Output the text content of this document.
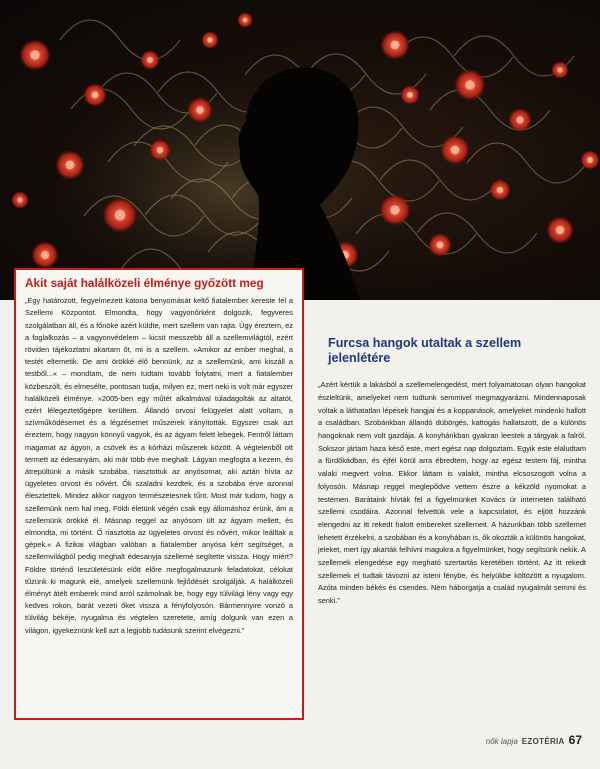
Akit saját halálközeli élménye győzött meg

„Egy határozott, fegyelmezett katona benyomását keltő fiatalember kereste fel a Szellemi Központot. Elmondta, hogy vagyonőrként dolgozik, fegyveres szolgálatban áll, és a főnöke azért küldte, mert szellem van rajta. Úgy éreztem, ez a foglalkozás – a vagyonvédelem – kicsit messzebb áll a szellemvilágtól, ezért röviden tájékoztatni akartam őt, mi is a szellem. »Amikor az ember meghal, a testét eltemetik. De ami örökké élő bennünk, az a szellemünk, ami kiszáll a testből...« – mondtam, de nem tudtam tovább folytatni, mert a fiatalember közbeszólt, és elmesélte, pontosan tudja, milyen ez, mert neki is volt már egyszer halálközeli élménye. »2005-ben egy műtét alkalmával túladagolták az altatót, ezért lélegeztetőgépre kerültem. Állandó orvosi felügyelet alatt voltam, a szívműködésemet és a légzésemet műszerek irányították. Egyszer csak azt éreztem, hogy nagyon könnyű vagyok, és az ágyam felett lebegek. Fentről láttam magamat az ágyon, a csövek és a kórházi műszerek között. A végtelenből ott termett az édesanyám, aki már több éve meghalt. Lágyan megfogta a kezem, és átrepültünk a másik szobába, riasztottuk az anyósomat, aki aztán hívta az ügyeletes orvost és nővért. Ők szaladni kezdtek, és a szobába érve azonnal élesztettek. Mindez akkor nagyon természetesnek tűnt. Most már tudom, hogy a szellemünk nem hal meg. Földi életünk végén csak egy állomáshoz érünk, ám a szellemünk örökké él. Másnap reggel az anyósom ült az ágyam mellett, és elmondta, mi történt. Ő riasztotta az ügyeletes orvost és nővért, mikor leálltak a gépek.« A fizikai világban valóban a fiatalember anyósa kért segítséget, a szellemvilágból pedig meghalt édesanyja szellemé segítette vissza. Hogy miért? Földre történő leszületésünk előtt előre megfogalmazunk feladatokat, célokat tűzünk ki magunk elé, amelyek szellemünk fejlődését szolgálják. A halálközeli élményt átélt emberek mind arról számolnak be, hogy egy túlvilági lény vagy egy kedves rokon, barát vezeti őket vissza a fényfolyosón. Bármennyire vonzó a túlvilág békéje, nyugalma és végtelen szeretete, amíg dolgunk van ezen a világon, igyekeznünk kell azt a legjobb tudásunk szerint elvégezni.”

Furcsa hangok utaltak a szellem jelenlétére

„Azért kértük a lakásból a szellemelengedést, mert folyamatosan olyan hangokat észleltünk, amelyeket nem tudtunk semmivel megmagyarázni. Mindennaposak voltak a láthatatlan lépések hangjai és a koppanások, amelyeket mindenki hallott a családban. Szobánkban állandó dübörgés, kattogás hallatszott, de a különös hangoknak nem volt gazdája. A konyhánkban gyakran leestek a tárgyak a falról. Sokszor jártam haza késő este, mert egész nap dolgoztam. Egyik este elaludtam a fürdőkádban, és éjfél körül arra ébredtem, hogy az egész testem fáj, mintha valaki megvert volna. Ekkor láttam is valakit, mintha elcsoszogott volna a folyosón. Másnap reggel meglepődve vettem észre a kékzöld nyomokat a testemen. Barátaink hívták fel a figyelmünket Kovács úr interneten található szellemi csodáira. Azonnal felvettük vele a kapcsolatot, és eljött hozzánk elengedni az itt rekedt halott embereket szellemeit. A házunkban több szellemet lehetett érzékelni, a szobában és a konyhában is, ők okozták a különös hangokat, jeleket, mert így akarták felhívni magukra a figyelmünket, hogy segítsünk nekik. A szellemek elengedése egy megható szertartás keretében történt. Az itt rekedt szellemek el tudtak távozni az isteni fénybe, és helyükbe költözött a nyugalom. Azóta minden békés és csendes. Nem háborgatja a család nyugalmát semmi és senki.”

nők lapja EZOTÉRIA 67
